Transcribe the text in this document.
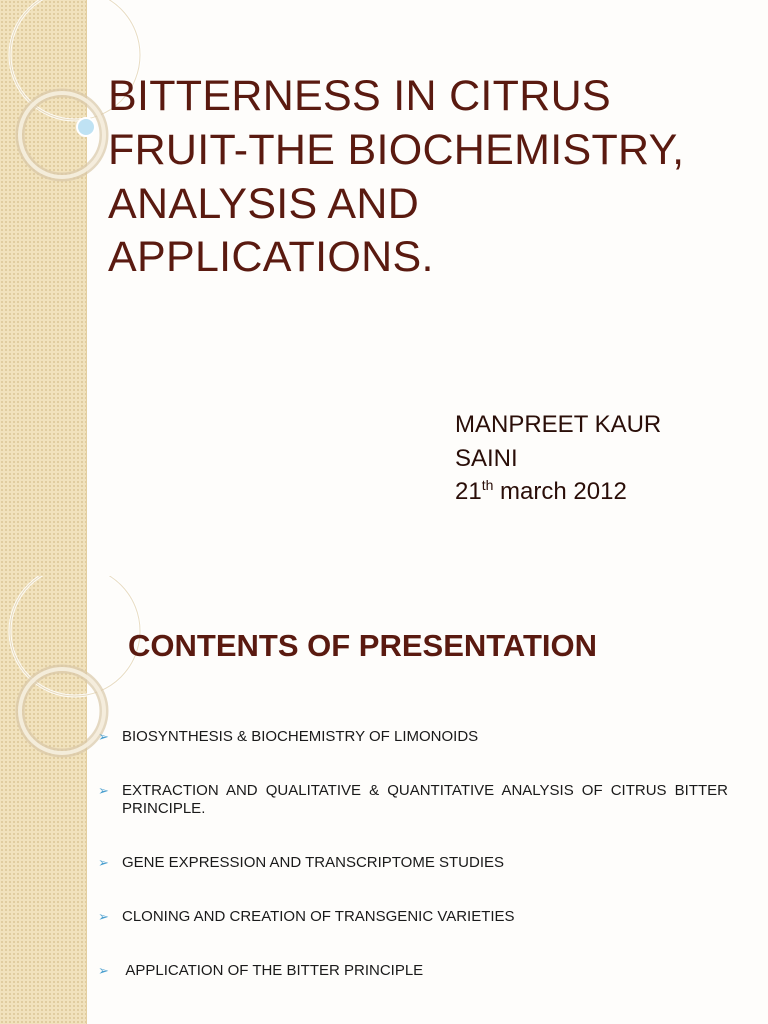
BITTERNESS IN CITRUS FRUIT-THE BIOCHEMISTRY, ANALYSIS AND APPLICATIONS.
MANPREET KAUR
SAINI
21th march 2012
CONTENTS OF PRESENTATION
➢ BIOSYNTHESIS & BIOCHEMISTRY OF LIMONOIDS
➢ EXTRACTION AND QUALITATIVE & QUANTITATIVE ANALYSIS OF CITRUS BITTER PRINCIPLE.
➢ GENE EXPRESSION AND TRANSCRIPTOME STUDIES
➢ CLONING AND CREATION OF TRANSGENIC VARIETIES
➢ APPLICATION OF THE BITTER PRINCIPLE
